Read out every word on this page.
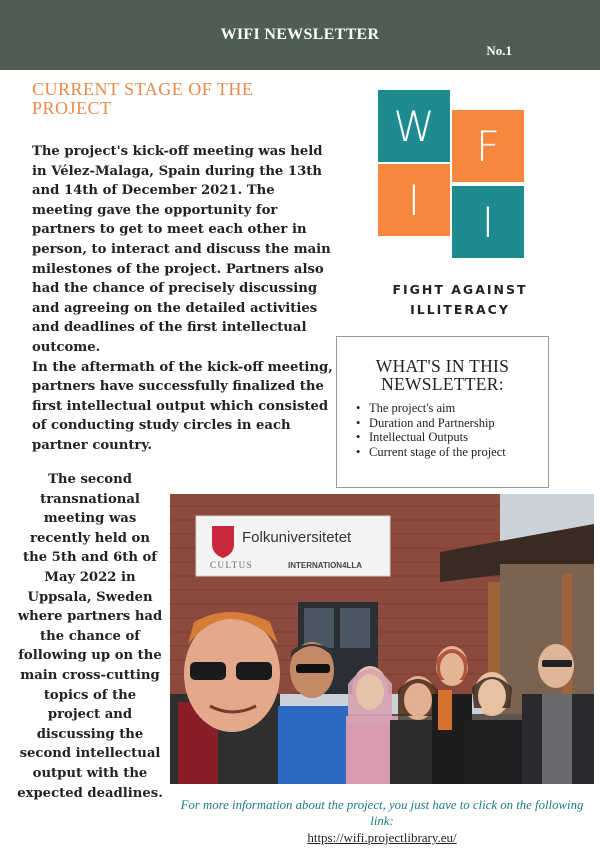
WIFI NEWSLETTER
No.1
CURRENT STAGE OF THE PROJECT

The project's kick-off meeting was held in Vélez-Malaga, Spain during the 13th and 14th of December 2021. The meeting gave the opportunity for partners to get to meet each other in person, to interact and discuss the main milestones of the project. Partners also had the chance of precisely discussing and agreeing on the detailed activities and deadlines of the first intellectual outcome.

In the aftermath of the kick-off meeting, partners have successfully finalized the first intellectual output which consisted of conducting study circles in each partner country.

W F
I	I
FIGHT AGAINST
ILLITERACY
WHAT'S IN THIS
NEWSLETTER:
• The project's aim
• Duration and Partnership
• Intellectual Outputs
• Current stage of the project
The second transnational meeting was recently held on the 5th and 6th of May 2022 in Uppsala, Sweden where partners had the chance of following up on the main cross-cutting topics of the project and discussing the second intellectual output with the expected deadlines.
Folkuniversitetet
CULTUS	INTERNATION4LLA
For more information about the project, you just have to click on the following link:
https://wifi.projectlibrary.eu/
